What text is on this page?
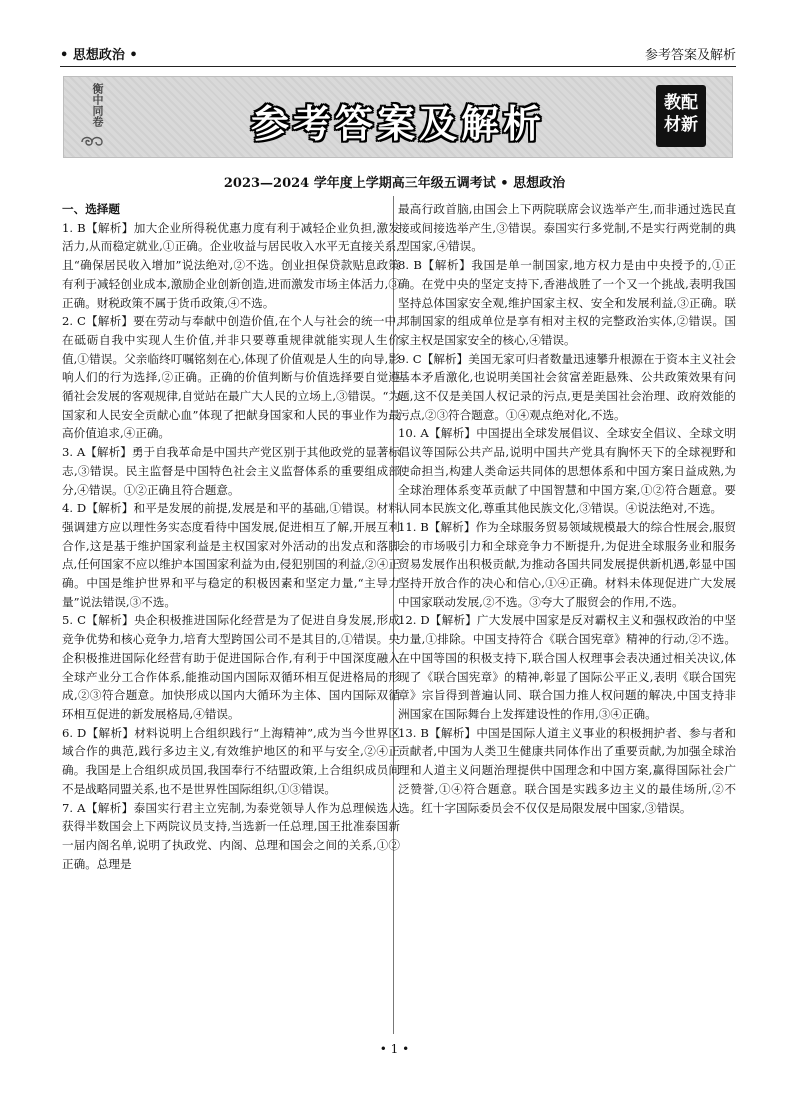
• 思想政治 •	参考答案及解析
衡中同卷	参考答案及解析	教配
材新
2023—2024 学年度上学期高三年级五调考试 • 思想政治

一、选择题

1. B【解析】加大企业所得税优惠力度有利于减轻企业负担,激发活力,从而稳定就业,①正确。企业收益与居民收入水平无直接关系,且“确保居民收入增加”说法绝对,②不选。创业担保贷款贴息政策有利于减轻创业成本,激励企业创新创造,进而激发市场主体活力,③正确。财税政策不属于货币政策,④不选。

2. C【解析】要在劳动与奉献中创造价值,在个人与社会的统一中,在砥砺自我中实现人生价值,并非只要尊重规律就能实现人生价值,①错误。父亲临终叮嘱铭刻在心,体现了价值观是人生的向导,影响人们的行为选择,②正确。正确的价值判断与价值选择要自觉遵循社会发展的客观规律,自觉站在最广大人民的立场上,③错误。“为国家和人民安全贡献心血”体现了把献身国家和人民的事业作为最高价值追求,④正确。

3. A【解析】勇于自我革命是中国共产党区别于其他政党的显著标志,③错误。民主监督是中国特色社会主义监督体系的重要组成部分,④错误。①②正确且符合题意。

4. D【解析】和平是发展的前提,发展是和平的基础,①错误。材料强调建方应以理性务实态度看待中国发展,促进相互了解,开展互利合作,这是基于维护国家利益是主权国家对外活动的出发点和落脚点,任何国家不应以维护本国国家利益为由,侵犯别国的利益,②④正确。中国是维护世界和平与稳定的积极因素和坚定力量,“主导力量”说法错误,③不选。

5. C【解析】央企积极推进国际化经营是为了促进自身发展,形成竞争优势和核心竞争力,培育大型跨国公司不是其目的,①错误。央企积极推进国际化经营有助于促进国际合作,有利于中国深度融入全球产业分工合作体系,能推动国内国际双循环相互促进格局的形成,②③符合题意。加快形成以国内大循环为主体、国内国际双循环相互促进的新发展格局,④错误。

6. D【解析】材料说明上合组织践行“上海精神”,成为当今世界区域合作的典范,践行多边主义,有效维护地区的和平与安全,②④正确。我国是上合组织成员国,我国奉行不结盟政策,上合组织成员间不是战略同盟关系,也不是世界性国际组织,①③错误。

7. A【解析】泰国实行君主立宪制,为泰党领导人作为总理候选人获得半数国会上下两院议员支持,当选新一任总理,国王批准泰国新一届内阁名单,说明了执政党、内阁、总理和国会之间的关系,①②正确。总理是

最高行政首脑,由国会上下两院联席会议选举产生,而非通过选民直接或间接选举产生,③错误。泰国实行多党制,不是实行两党制的典型国家,④错误。

8. B【解析】我国是单一制国家,地方权力是由中央授予的,①正确。在党中央的坚定支持下,香港战胜了一个又一个挑战,表明我国坚持总体国家安全观,维护国家主权、安全和发展利益,③正确。联邦制国家的组成单位是享有相对主权的完整政治实体,②错误。国家主权是国家安全的核心,④错误。

9. C【解析】美国无家可归者数量迅速攀升根源在于资本主义社会基本矛盾激化,也说明美国社会贫富差距悬殊、公共政策效果有问题,这不仅是美国人权记录的污点,更是美国社会治理、政府效能的污点,②③符合题意。①④观点绝对化,不选。

10. A【解析】中国提出全球发展倡议、全球安全倡议、全球文明倡议等国际公共产品,说明中国共产党具有胸怀天下的全球视野和使命担当,构建人类命运共同体的思想体系和中国方案日益成熟,为全球治理体系变革贡献了中国智慧和中国方案,①②符合题意。要认同本民族文化,尊重其他民族文化,③错误。④说法绝对,不选。

11. B【解析】作为全球服务贸易领域规模最大的综合性展会,服贸会的市场吸引力和全球竞争力不断提升,为促进全球服务业和服务贸易发展作出积极贡献,为推动各国共同发展提供新机遇,彰显中国坚持开放合作的决心和信心,①④正确。材料未体现促进广大发展中国家联动发展,②不选。③夸大了服贸会的作用,不选。

12. D【解析】广大发展中国家是反对霸权主义和强权政治的中坚力量,①排除。中国支持符合《联合国宪章》精神的行动,②不选。在中国等国的积极支持下,联合国人权理事会表决通过相关决议,体现了《联合国宪章》的精神,彰显了国际公平正义,表明《联合国宪章》宗旨得到普遍认同、联合国力推人权问题的解决,中国支持非洲国家在国际舞台上发挥建设性的作用,③④正确。

13. B【解析】中国是国际人道主义事业的积极拥护者、参与者和贡献者,中国为人类卫生健康共同体作出了重要贡献,为加强全球治理和人道主义问题治理提供中国理念和中国方案,赢得国际社会广泛赞誉,①④符合题意。联合国是实践多边主义的最佳场所,②不选。红十字国际委员会不仅仅是局限发展中国家,③错误。

• 1 •
